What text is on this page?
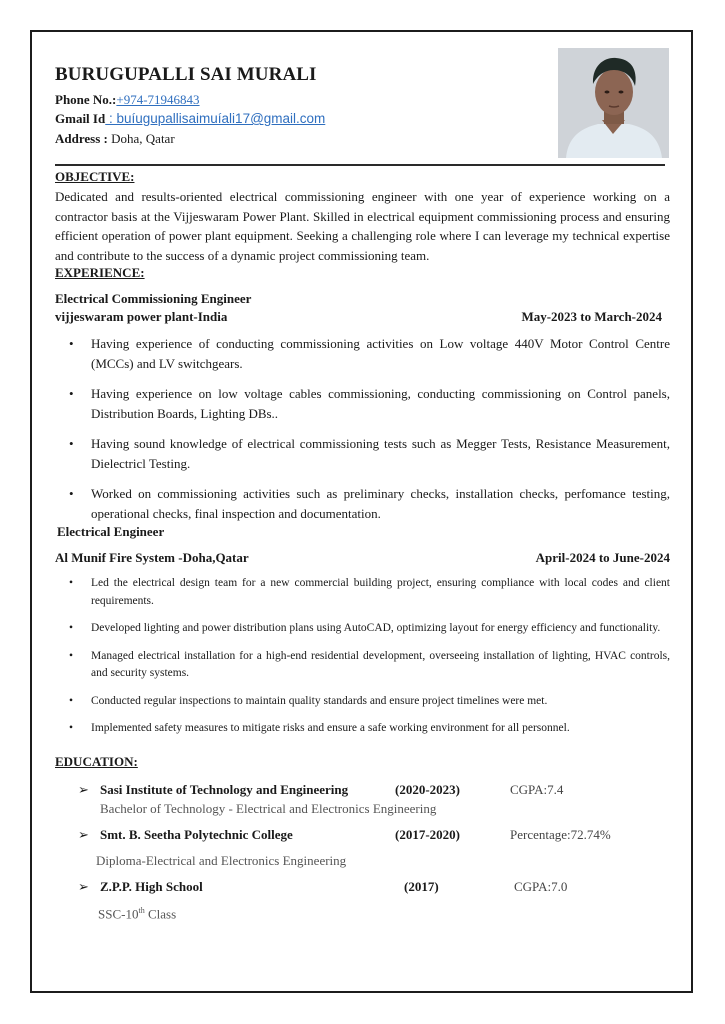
BURUGUPALLI SAI MURALI
Phone No.:+974-71946843
Gmail Id : buíugupallisaimuíali17@gmail.com
Address : Doha, Qatar
OBJECTIVE:
Dedicated and results-oriented electrical commissioning engineer with one year of experience working on a contractor basis at the Vijjeswaram Power Plant. Skilled in electrical equipment commissioning process and ensuring efficient operation of power plant equipment. Seeking a challenging role where I can leverage my technical expertise and contribute to the success of a dynamic project commissioning team.
EXPERIENCE:
Electrical Commissioning Engineer
vijjeswaram power plant-India	May-2023 to March-2024
• Having experience of conducting commissioning activities on Low voltage 440V Motor Control Centre (MCCs) and LV switchgears.
• Having experience on low voltage cables commissioning, conducting commissioning on Control panels, Distribution Boards, Lighting DBs..
• Having sound knowledge of electrical commissioning tests such as Megger Tests, Resistance Measurement, Dielectricl Testing.
• Worked on commissioning activities such as preliminary checks, installation checks, perfomance testing, operational checks, final inspection and documentation.
Electrical Engineer
Al Munif Fire System -Doha,Qatar	April-2024 to June-2024
• Led the electrical design team for a new commercial building project, ensuring compliance with local codes and client requirements.
• Developed lighting and power distribution plans using AutoCAD, optimizing layout for energy efficiency and functionality.
• Managed electrical installation for a high-end residential development, overseeing installation of lighting, HVAC controls, and security systems.
• Conducted regular inspections to maintain quality standards and ensure project timelines were met.
• Implemented safety measures to mitigate risks and ensure a safe working environment for all personnel.
EDUCATION:
➢ Sasi Institute of Technology and Engineering	(2020-2023)	CGPA:7.4
Bachelor of Technology - Electrical and Electronics Engineering
➢ Smt. B. Seetha Polytechnic College	(2017-2020)	Percentage:72.74%
Diploma-Electrical and Electronics Engineering
➢ Z.P.P. High School	(2017)	CGPA:7.0
SSC-10th Class
